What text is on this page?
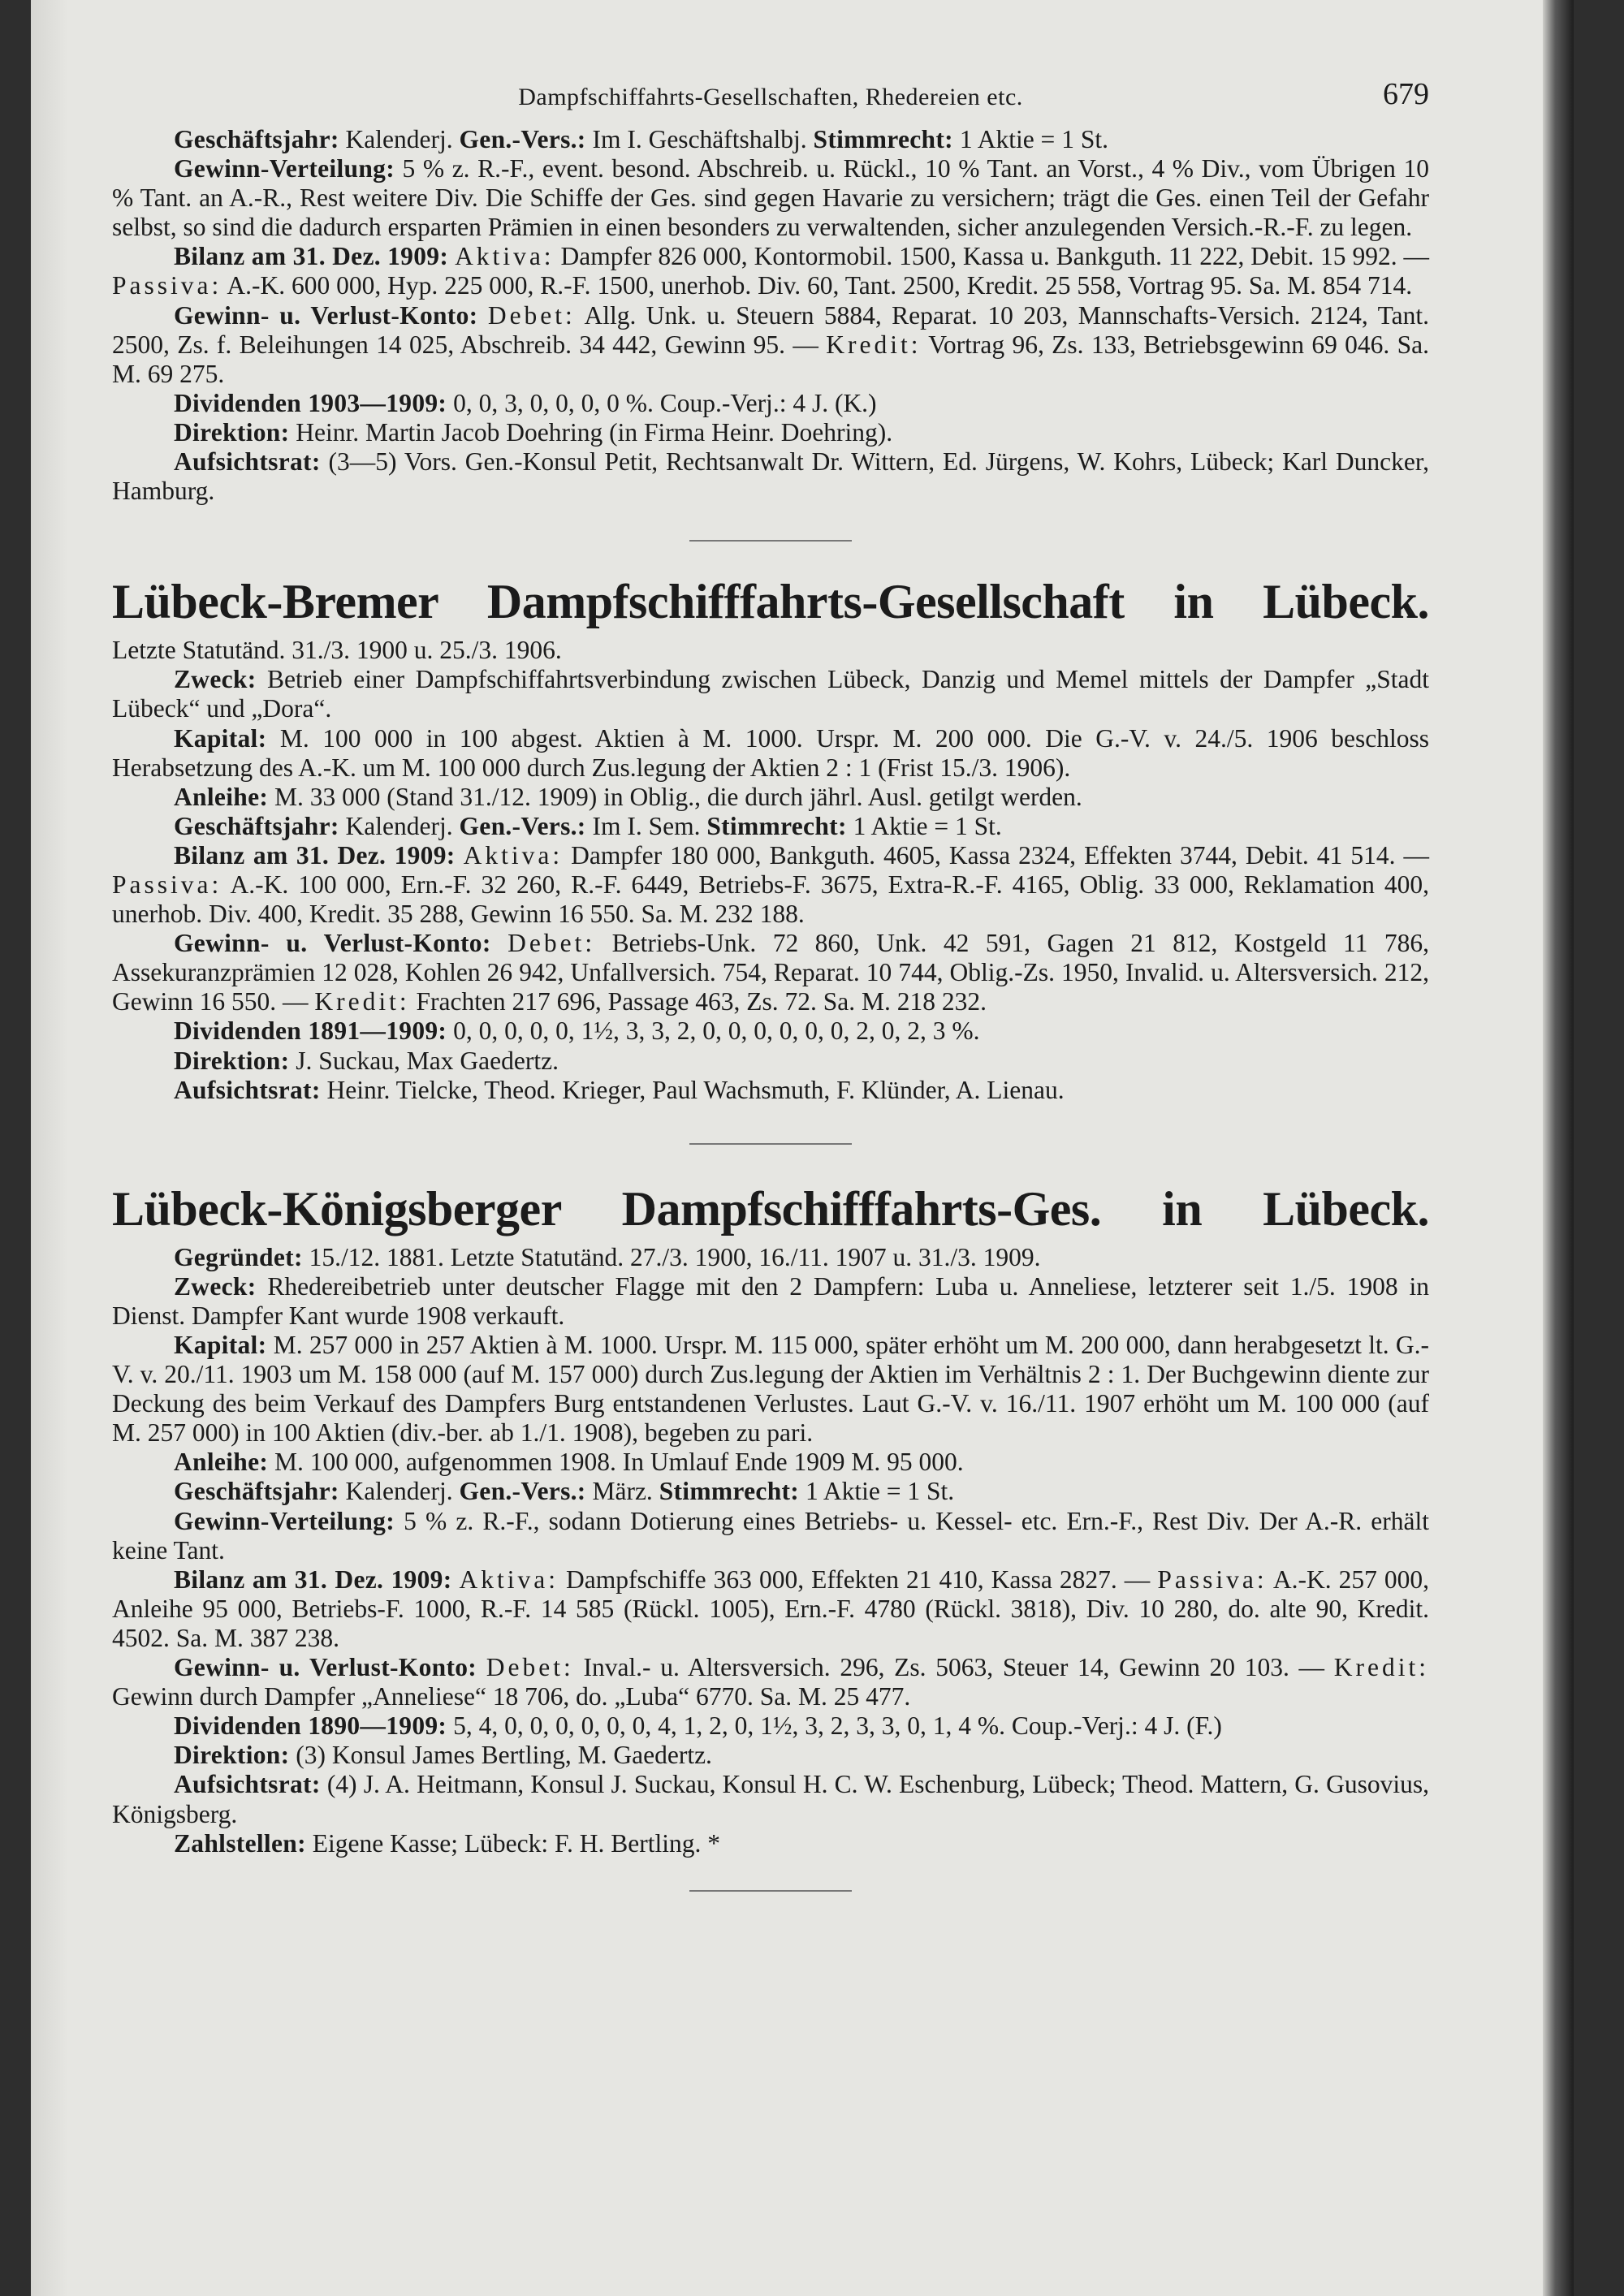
Dampfschiffahrts-Gesellschaften, Rhedereien etc.	679

Geschäftsjahr: Kalenderj. Gen.-Vers.: Im I. Geschäftshalbj. Stimmrecht: 1 Aktie = 1 St.

Gewinn-Verteilung: 5 % z. R.-F., event. besond. Abschreib. u. Rückl., 10 % Tant. an Vorst., 4 % Div., vom Übrigen 10 % Tant. an A.-R., Rest weitere Div. Die Schiffe der Ges. sind gegen Havarie zu versichern; trägt die Ges. einen Teil der Gefahr selbst, so sind die dadurch ersparten Prämien in einen besonders zu verwaltenden, sicher anzulegenden Versich.-R.-F. zu legen.

Bilanz am 31. Dez. 1909: Aktiva: Dampfer 826 000, Kontormobil. 1500, Kassa u. Bankguth. 11 222, Debit. 15 992. — Passiva: A.-K. 600 000, Hyp. 225 000, R.-F. 1500, unerhob. Div. 60, Tant. 2500, Kredit. 25 558, Vortrag 95. Sa. M. 854 714.

Gewinn- u. Verlust-Konto: Debet: Allg. Unk. u. Steuern 5884, Reparat. 10 203, Mannschafts-Versich. 2124, Tant. 2500, Zs. f. Beleihungen 14 025, Abschreib. 34 442, Gewinn 95. — Kredit: Vortrag 96, Zs. 133, Betriebsgewinn 69 046. Sa. M. 69 275.

Dividenden 1903—1909: 0, 0, 3, 0, 0, 0, 0 %. Coup.-Verj.: 4 J. (K.)

Direktion: Heinr. Martin Jacob Doehring (in Firma Heinr. Doehring).

Aufsichtsrat: (3—5) Vors. Gen.-Konsul Petit, Rechtsanwalt Dr. Wittern, Ed. Jürgens, W. Kohrs, Lübeck; Karl Duncker, Hamburg.

Lübeck-Bremer Dampfschifffahrts-Gesellschaft in Lübeck.

Letzte Statutänd. 31./3. 1900 u. 25./3. 1906.

Zweck: Betrieb einer Dampfschiffahrtsverbindung zwischen Lübeck, Danzig und Memel mittels der Dampfer „Stadt Lübeck“ und „Dora“.

Kapital: M. 100 000 in 100 abgest. Aktien à M. 1000. Urspr. M. 200 000. Die G.-V. v. 24./5. 1906 beschloss Herabsetzung des A.-K. um M. 100 000 durch Zus.legung der Aktien 2 : 1 (Frist 15./3. 1906).

Anleihe: M. 33 000 (Stand 31./12. 1909) in Oblig., die durch jährl. Ausl. getilgt werden.

Geschäftsjahr: Kalenderj. Gen.-Vers.: Im I. Sem. Stimmrecht: 1 Aktie = 1 St.

Bilanz am 31. Dez. 1909: Aktiva: Dampfer 180 000, Bankguth. 4605, Kassa 2324, Effekten 3744, Debit. 41 514. — Passiva: A.-K. 100 000, Ern.-F. 32 260, R.-F. 6449, Betriebs-F. 3675, Extra-R.-F. 4165, Oblig. 33 000, Reklamation 400, unerhob. Div. 400, Kredit. 35 288, Gewinn 16 550. Sa. M. 232 188.

Gewinn- u. Verlust-Konto: Debet: Betriebs-Unk. 72 860, Unk. 42 591, Gagen 21 812, Kostgeld 11 786, Assekuranzprämien 12 028, Kohlen 26 942, Unfallversich. 754, Reparat. 10 744, Oblig.-Zs. 1950, Invalid. u. Altersversich. 212, Gewinn 16 550. — Kredit: Frachten 217 696, Passage 463, Zs. 72. Sa. M. 218 232.

Dividenden 1891—1909: 0, 0, 0, 0, 0, 1½, 3, 3, 2, 0, 0, 0, 0, 0, 0, 2, 0, 2, 3 %.

Direktion: J. Suckau, Max Gaedertz.

Aufsichtsrat: Heinr. Tielcke, Theod. Krieger, Paul Wachsmuth, F. Klünder, A. Lienau.

Lübeck-Königsberger Dampfschifffahrts-Ges. in Lübeck.

Gegründet: 15./12. 1881. Letzte Statutänd. 27./3. 1900, 16./11. 1907 u. 31./3. 1909.

Zweck: Rhedereibetrieb unter deutscher Flagge mit den 2 Dampfern: Luba u. Anneliese, letzterer seit 1./5. 1908 in Dienst. Dampfer Kant wurde 1908 verkauft.

Kapital: M. 257 000 in 257 Aktien à M. 1000. Urspr. M. 115 000, später erhöht um M. 200 000, dann herabgesetzt lt. G.-V. v. 20./11. 1903 um M. 158 000 (auf M. 157 000) durch Zus.legung der Aktien im Verhältnis 2 : 1. Der Buchgewinn diente zur Deckung des beim Verkauf des Dampfers Burg entstandenen Verlustes. Laut G.-V. v. 16./11. 1907 erhöht um M. 100 000 (auf M. 257 000) in 100 Aktien (div.-ber. ab 1./1. 1908), begeben zu pari.

Anleihe: M. 100 000, aufgenommen 1908. In Umlauf Ende 1909 M. 95 000.

Geschäftsjahr: Kalenderj. Gen.-Vers.: März. Stimmrecht: 1 Aktie = 1 St.

Gewinn-Verteilung: 5 % z. R.-F., sodann Dotierung eines Betriebs- u. Kessel- etc. Ern.-F., Rest Div. Der A.-R. erhält keine Tant.

Bilanz am 31. Dez. 1909: Aktiva: Dampfschiffe 363 000, Effekten 21 410, Kassa 2827. — Passiva: A.-K. 257 000, Anleihe 95 000, Betriebs-F. 1000, R.-F. 14 585 (Rückl. 1005), Ern.-F. 4780 (Rückl. 3818), Div. 10 280, do. alte 90, Kredit. 4502. Sa. M. 387 238.

Gewinn- u. Verlust-Konto: Debet: Inval.- u. Altersversich. 296, Zs. 5063, Steuer 14, Gewinn 20 103. — Kredit: Gewinn durch Dampfer „Anneliese“ 18 706, do. „Luba“ 6770. Sa. M. 25 477.

Dividenden 1890—1909: 5, 4, 0, 0, 0, 0, 0, 0, 4, 1, 2, 0, 1½, 3, 2, 3, 3, 0, 1, 4 %. Coup.-Verj.: 4 J. (F.)

Direktion: (3) Konsul James Bertling, M. Gaedertz.

Aufsichtsrat: (4) J. A. Heitmann, Konsul J. Suckau, Konsul H. C. W. Eschenburg, Lübeck; Theod. Mattern, G. Gusovius, Königsberg.

Zahlstellen: Eigene Kasse; Lübeck: F. H. Bertling. *
